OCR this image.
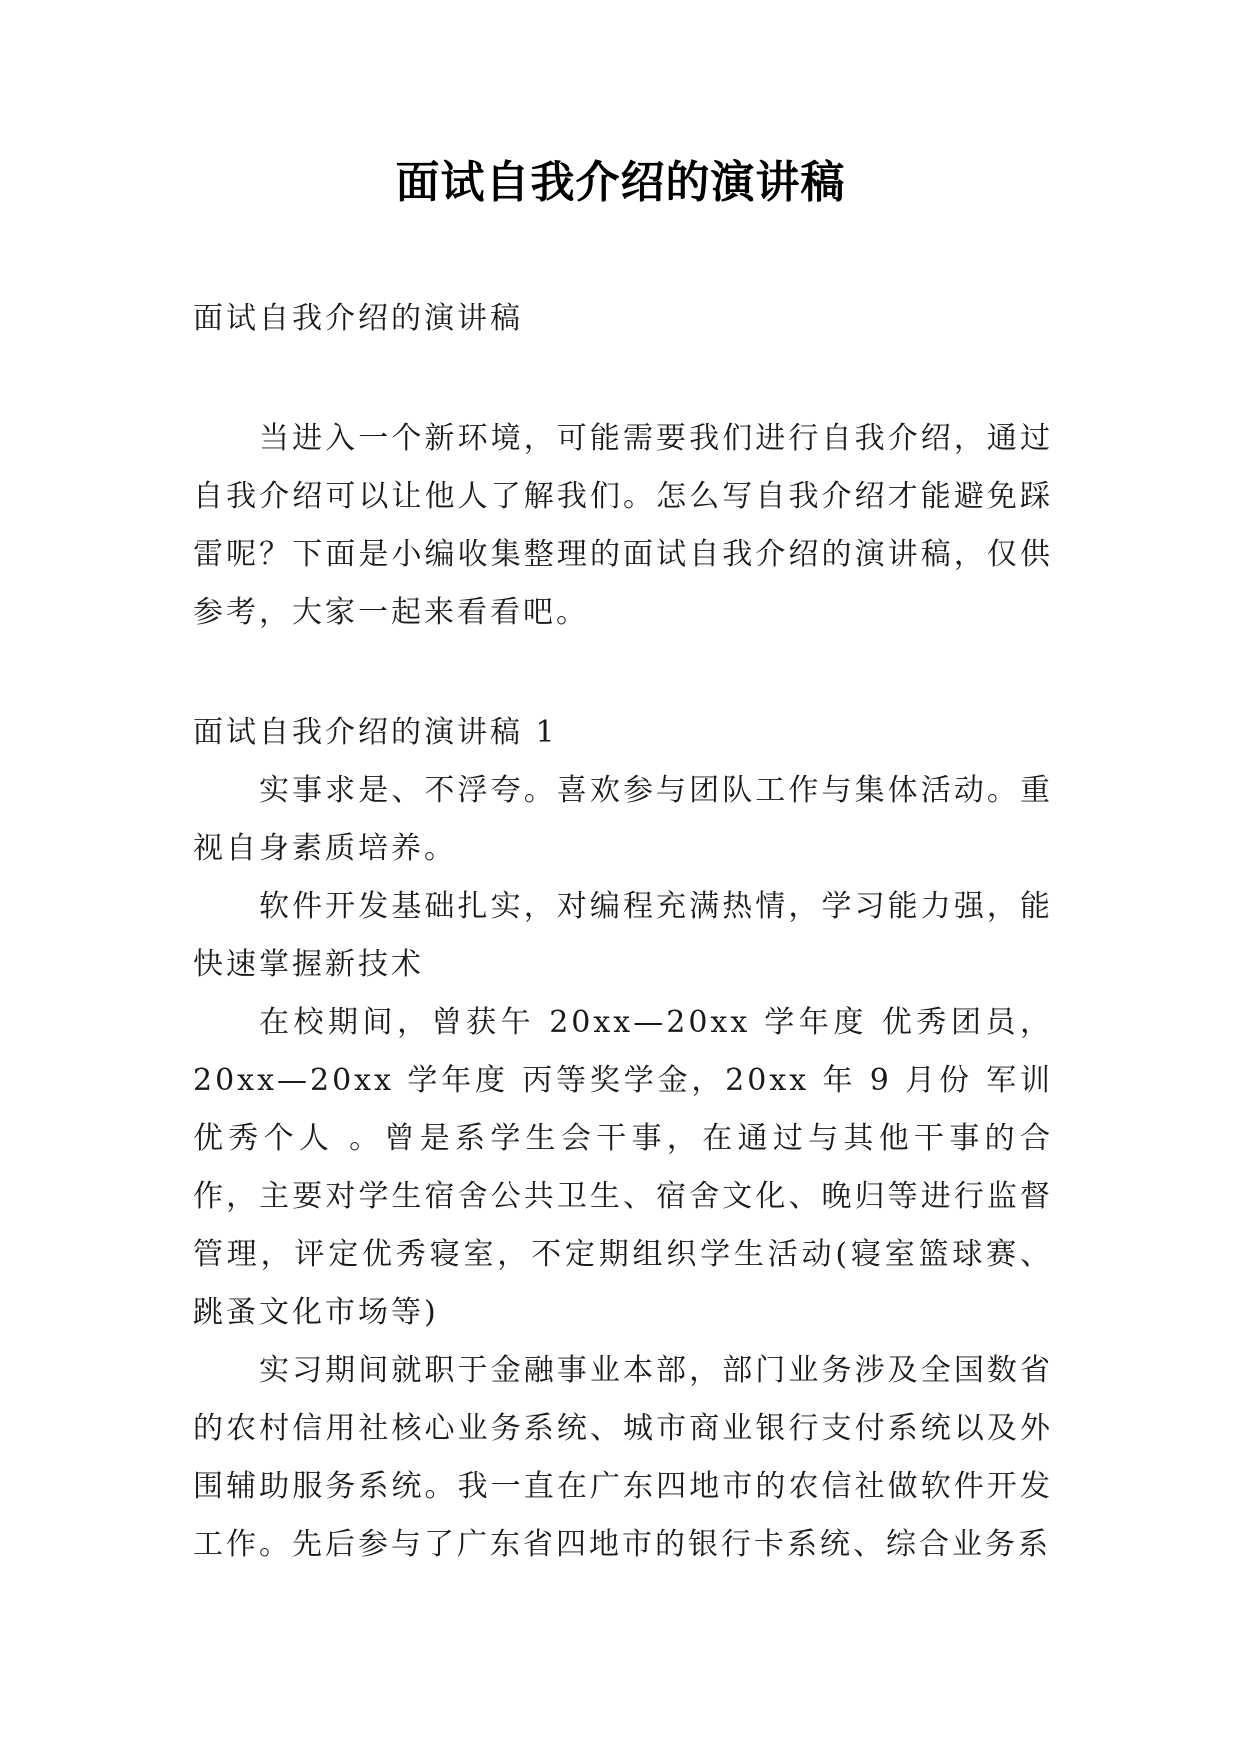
面试自我介绍的演讲稿

面试自我介绍的演讲稿

当进入一个新环境，可能需要我们进行自我介绍，通过自我介绍可以让他人了解我们。怎么写自我介绍才能避免踩雷呢？下面是小编收集整理的面试自我介绍的演讲稿，仅供参考，大家一起来看看吧。

面试自我介绍的演讲稿 1

实事求是、不浮夸。喜欢参与团队工作与集体活动。重视自身素质培养。

软件开发基础扎实，对编程充满热情，学习能力强，能快速掌握新技术

在校期间，曾获午 20xx—20xx 学年度 优秀团员，20xx—20xx 学年度 丙等奖学金，20xx 年 9 月份 军训优秀个人 。曾是系学生会干事，在通过与其他干事的合作，主要对学生宿舍公共卫生、宿舍文化、晚归等进行监督管理，评定优秀寝室，不定期组织学生活动(寝室篮球赛、跳蚤文化市场等)

实习期间就职于金融事业本部，部门业务涉及全国数省的农村信用社核心业务系统、城市商业银行支付系统以及外围辅助服务系统。我一直在广东四地市的农信社做软件开发工作。先后参与了广东省四地市的银行卡系统、综合业务系
